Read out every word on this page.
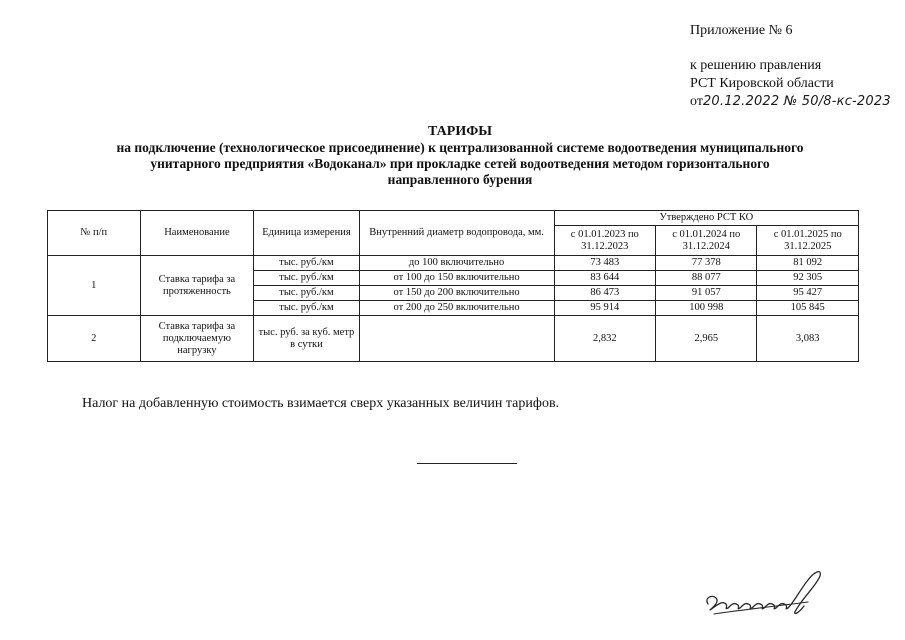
Приложение № 6
к решению правления
РСТ Кировской области
от20.12.2022 № 50/8-кс-2023
ТАРИФЫ
на подключение (технологическое присоединение) к централизованной системе водоотведения муниципального
унитарного предприятия «Водоканал» при прокладке сетей водоотведения методом горизонтального
направленного бурения
№ п/п	Наименование	Единица измерения	Внутренний диаметр водопровода, мм.	Утверждено РСТ КО		
				с 01.01.2023 по 31.12.2023	с 01.01.2024 по 31.12.2024	с 01.01.2025 по 31.12.2025
1	Ставка тарифа за протяженность	тыс. руб./км	до 100 включительно	73 483	77 378	81 092
		тыс. руб./км	от 100 до 150 включительно	83 644	88 077	92 305
		тыс. руб./км	от 150 до 200 включительно	86 473	91 057	95 427
		тыс. руб./км	от 200 до 250 включительно	95 914	100 998	105 845
2	Ставка тарифа за подключаемую нагрузку	тыс. руб. за куб. метр в сутки		2,832	2,965	3,083
Налог на добавленную стоимость взимается сверх указанных величин тарифов.
